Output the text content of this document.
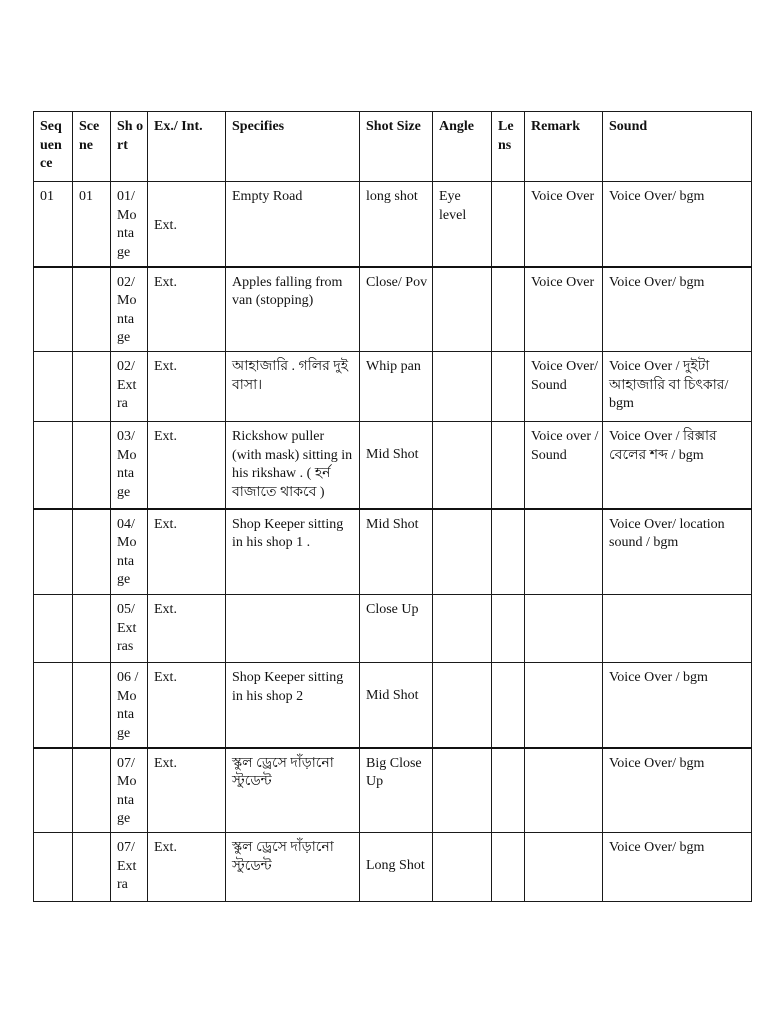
Seq uen ce	Sce ne	Sh ort	Ex./ Int.	Specifies	Shot Size	Angle	Le ns	Remark	Sound
01	01	01/ Mo nta ge	Ext.	Empty Road	long shot	Eye level		Voice Over	Voice Over/ bgm
		02/ Mo nta ge	Ext.	Apples falling from van (stopping)	Close/ Pov			Voice Over	Voice Over/ bgm
		02/ Ext ra	Ext.	আহাজারি . গলির দুই বাসা।	Whip pan			Voice Over/ Sound	Voice Over / দুইটা আহাজারি বা চিৎকার/ bgm
		03/ Mo nta ge	Ext.	Rickshow puller (with mask) sitting in his rikshaw . ( হর্ন বাজাতে থাকবে )	Mid Shot			Voice over / Sound	Voice Over / রিক্সার বেলের শব্দ / bgm
		04/ Mo nta ge	Ext.	Shop Keeper sitting in his shop 1 .	Mid Shot				Voice Over/ location sound / bgm
		05/ Ext ras	Ext.		Close Up				
		06 / Mo nta ge	Ext.	Shop Keeper sitting in his shop 2	Mid Shot				Voice Over / bgm
		07/ Mo nta ge	Ext.	স্কুল ড্রেসে দাঁড়ানো স্টুডেন্ট	Big Close Up				Voice Over/ bgm
		07/ Ext ra	Ext.	স্কুল ড্রেসে দাঁড়ানো স্টুডেন্ট	Long Shot				Voice Over/ bgm
